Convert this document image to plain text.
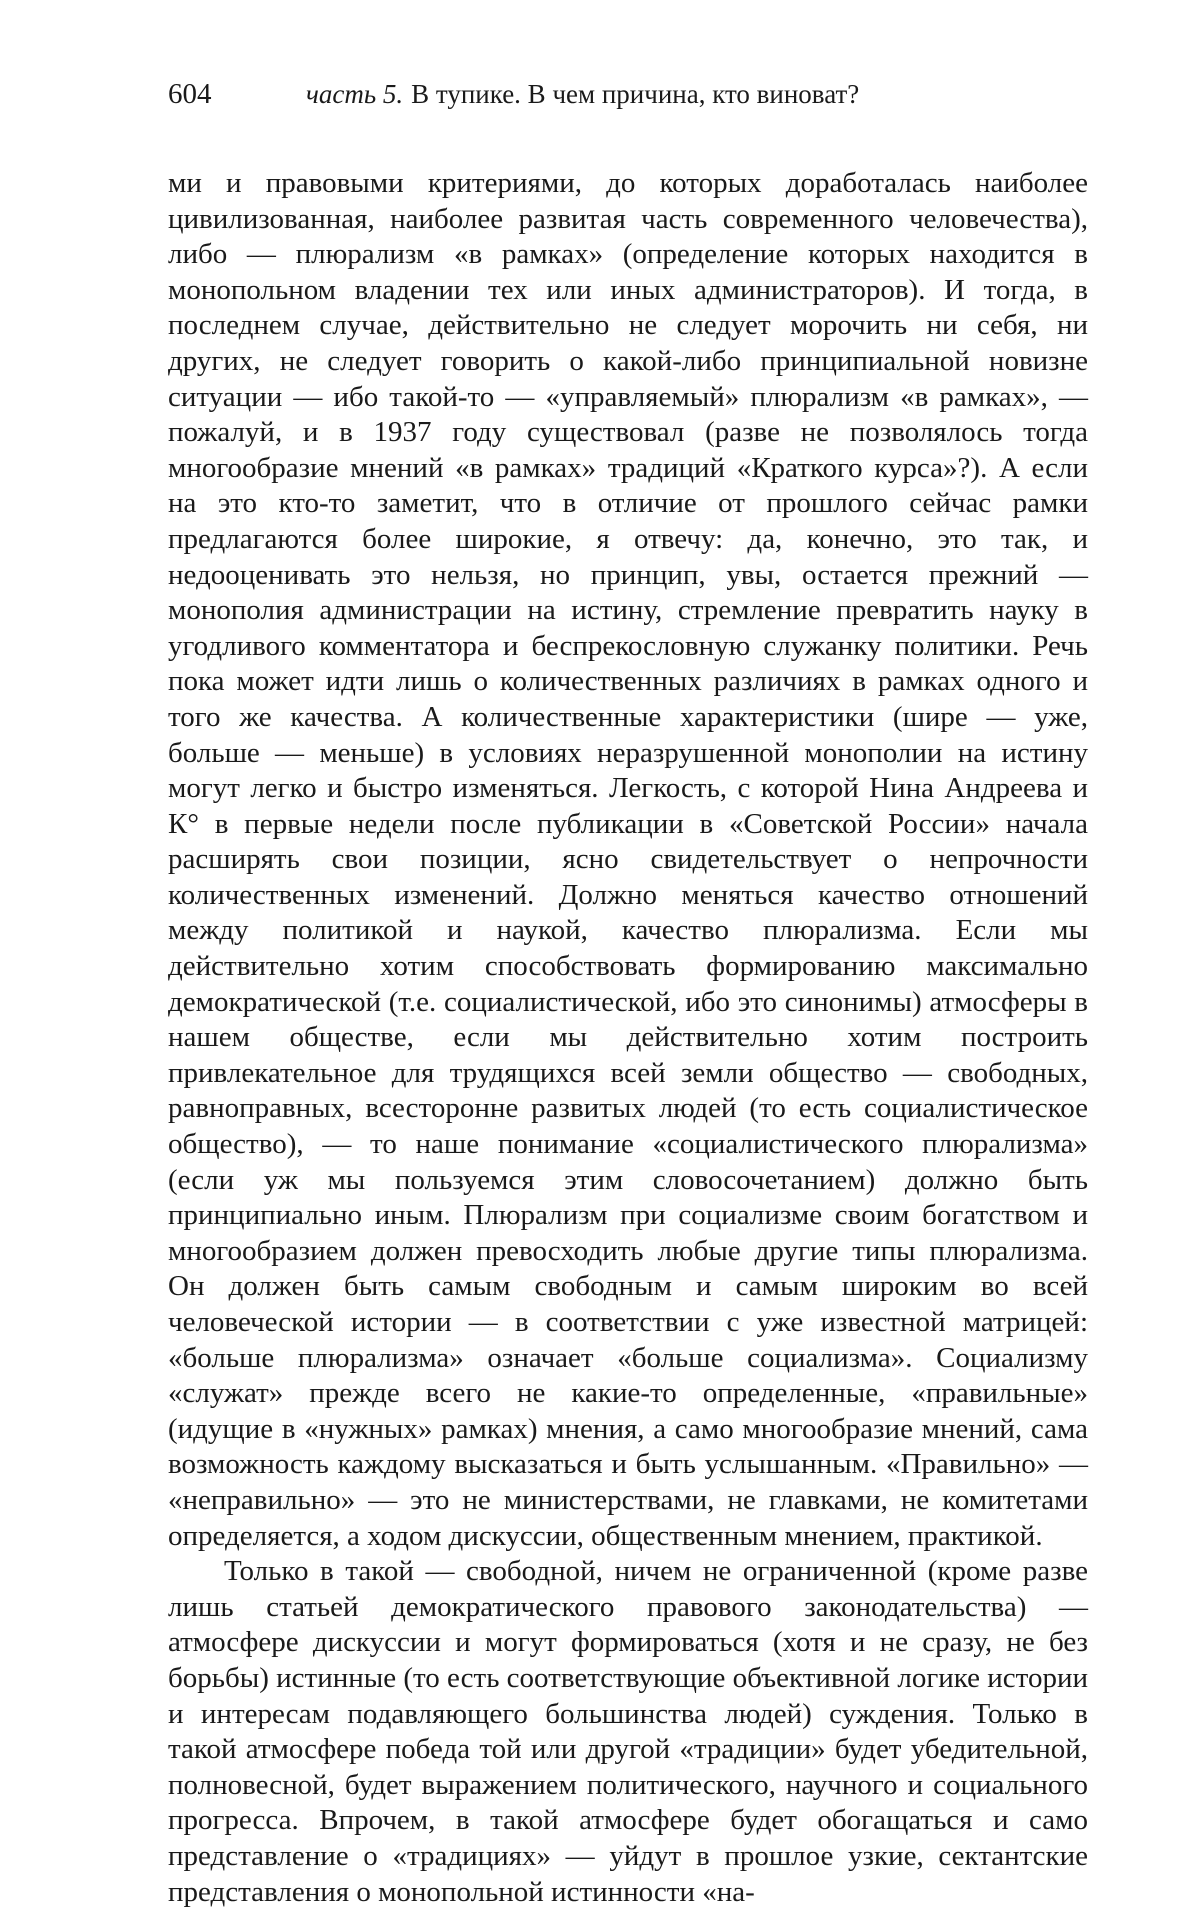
604	часть 5. В тупике. В чем причина, кто виноват?

ми и правовыми критериями, до которых доработалась наиболее цивилизованная, наиболее развитая часть современного человечества), либо — плюрализм «в рамках» (определение которых находится в монопольном владении тех или иных администраторов). И тогда, в последнем случае, действительно не следует морочить ни себя, ни других, не следует говорить о какой-либо принципиальной новизне ситуации — ибо такой-то — «управляемый» плюрализм «в рамках», — пожалуй, и в 1937 году существовал (разве не позволялось тогда многообразие мнений «в рамках» традиций «Краткого курса»?). А если на это кто-то заметит, что в отличие от прошлого сейчас рамки предлагаются более широкие, я отвечу: да, конечно, это так, и недооценивать это нельзя, но принцип, увы, остается прежний — монополия администрации на истину, стремление превратить науку в угодливого комментатора и беспрекословную служанку политики. Речь пока может идти лишь о количественных различиях в рамках одного и того же качества. А количественные характеристики (шире — уже, больше — меньше) в условиях неразрушенной монополии на истину могут легко и быстро изменяться. Легкость, с которой Нина Андреева и К° в первые недели после публикации в «Советской России» начала расширять свои позиции, ясно свидетельствует о непрочности количественных изменений. Должно меняться качество отношений между политикой и наукой, качество плюрализма. Если мы действительно хотим способствовать формированию максимально демократической (т.е. социалистической, ибо это синонимы) атмосферы в нашем обществе, если мы действительно хотим построить привлекательное для трудящихся всей земли общество — свободных, равноправных, всесторонне развитых людей (то есть социалистическое общество), — то наше понимание «социалистического плюрализма» (если уж мы пользуемся этим словосочетанием) должно быть принципиально иным. Плюрализм при социализме своим богатством и многообразием должен превосходить любые другие типы плюрализма. Он должен быть самым свободным и самым широким во всей человеческой истории — в соответствии с уже известной матрицей: «больше плюрализма» означает «больше социализма». Социализму «служат» прежде всего не какие-то определенные, «правильные» (идущие в «нужных» рамках) мнения, а само многообразие мнений, сама возможность каждому высказаться и быть услышанным. «Правильно» — «неправильно» — это не министерствами, не главками, не комитетами определяется, а ходом дискуссии, общественным мнением, практикой.

Только в такой — свободной, ничем не ограниченной (кроме разве лишь статьей демократического правового законодательства) — атмосфере дискуссии и могут формироваться (хотя и не сразу, не без борьбы) истинные (то есть соответствующие объективной логике истории и интересам подавляющего большинства людей) суждения. Только в такой атмосфере победа той или другой «традиции» будет убедительной, полновесной, будет выражением политического, научного и социального прогресса. Впрочем, в такой атмосфере будет обогащаться и само представление о «традициях» — уйдут в прошлое узкие, сектантские представления о монопольной истинности «на-
